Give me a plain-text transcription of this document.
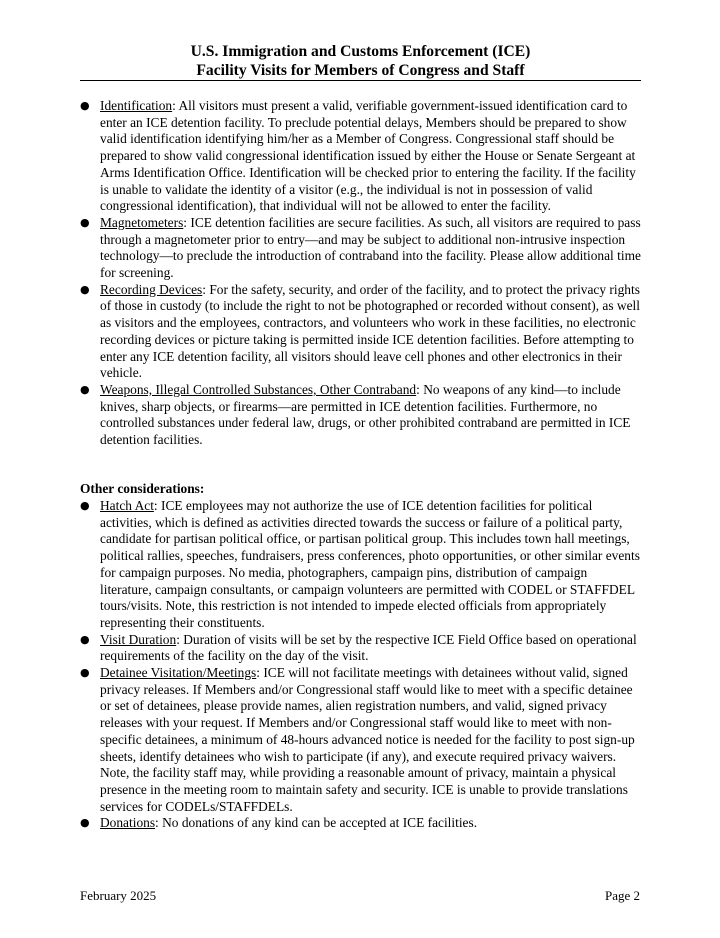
U.S. Immigration and Customs Enforcement (ICE)
Facility Visits for Members of Congress and Staff
● Identification: All visitors must present a valid, verifiable government-issued identification card to enter an ICE detention facility. To preclude potential delays, Members should be prepared to show valid identification identifying him/her as a Member of Congress. Congressional staff should be prepared to show valid congressional identification issued by either the House or Senate Sergeant at Arms Identification Office. Identification will be checked prior to entering the facility. If the facility is unable to validate the identity of a visitor (e.g., the individual is not in possession of valid congressional identification), that individual will not be allowed to enter the facility.
● Magnetometers: ICE detention facilities are secure facilities. As such, all visitors are required to pass through a magnetometer prior to entry—and may be subject to additional non-intrusive inspection technology—to preclude the introduction of contraband into the facility. Please allow additional time for screening.
● Recording Devices: For the safety, security, and order of the facility, and to protect the privacy rights of those in custody (to include the right to not be photographed or recorded without consent), as well as visitors and the employees, contractors, and volunteers who work in these facilities, no electronic recording devices or picture taking is permitted inside ICE detention facilities. Before attempting to enter any ICE detention facility, all visitors should leave cell phones and other electronics in their vehicle.
● Weapons, Illegal Controlled Substances, Other Contraband: No weapons of any kind—to include knives, sharp objects, or firearms—are permitted in ICE detention facilities. Furthermore, no controlled substances under federal law, drugs, or other prohibited contraband are permitted in ICE detention facilities.
Other considerations:
● Hatch Act: ICE employees may not authorize the use of ICE detention facilities for political activities, which is defined as activities directed towards the success or failure of a political party, candidate for partisan political office, or partisan political group. This includes town hall meetings, political rallies, speeches, fundraisers, press conferences, photo opportunities, or other similar events for campaign purposes. No media, photographers, campaign pins, distribution of campaign literature, campaign consultants, or campaign volunteers are permitted with CODEL or STAFFDEL tours/visits. Note, this restriction is not intended to impede elected officials from appropriately representing their constituents.
● Visit Duration: Duration of visits will be set by the respective ICE Field Office based on operational requirements of the facility on the day of the visit.
● Detainee Visitation/Meetings: ICE will not facilitate meetings with detainees without valid, signed privacy releases. If Members and/or Congressional staff would like to meet with a specific detainee or set of detainees, please provide names, alien registration numbers, and valid, signed privacy releases with your request. If Members and/or Congressional staff would like to meet with non-specific detainees, a minimum of 48-hours advanced notice is needed for the facility to post sign-up sheets, identify detainees who wish to participate (if any), and execute required privacy waivers. Note, the facility staff may, while providing a reasonable amount of privacy, maintain a physical presence in the meeting room to maintain safety and security. ICE is unable to provide translations services for CODELs/STAFFDELs.
● Donations: No donations of any kind can be accepted at ICE facilities.
February 2025	Page 2
